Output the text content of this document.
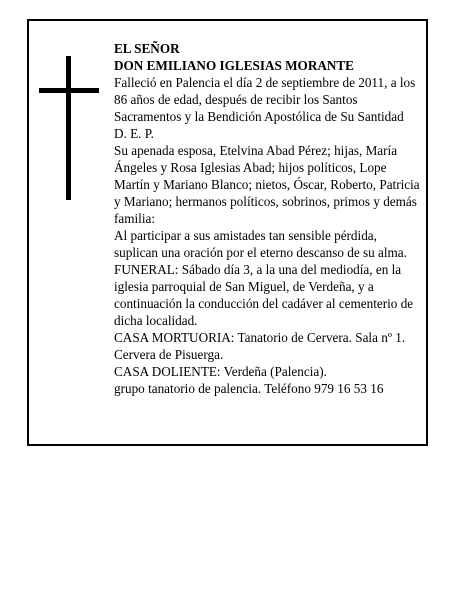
EL SEÑOR

DON EMILIANO IGLESIAS MORANTE

Falleció en Palencia el día 2 de septiembre de 2011, a los 86 años de edad, después de recibir los Santos Sacramentos y la Bendición Apostólica de Su Santidad

D. E. P.

Su apenada esposa, Etelvina Abad Pérez; hijas, María Ángeles y Rosa Iglesias Abad; hijos políticos, Lope Martín y Mariano Blanco; nietos, Óscar, Roberto, Patricia y Mariano; hermanos políticos, sobrinos, primos y demás familia:

Al participar a sus amistades tan sensible pérdida, suplican una oración por el eterno descanso de su alma.

FUNERAL: Sábado día 3, a la una del mediodía, en la iglesia parroquial de San Miguel, de Verdeña, y a continuación la conducción del cadáver al cementerio de dicha localidad.

CASA MORTUORIA: Tanatorio de Cervera. Sala nº 1. Cervera de Pisuerga.

CASA DOLIENTE: Verdeña (Palencia).

grupo tanatorio de palencia. Teléfono 979 16 53 16
